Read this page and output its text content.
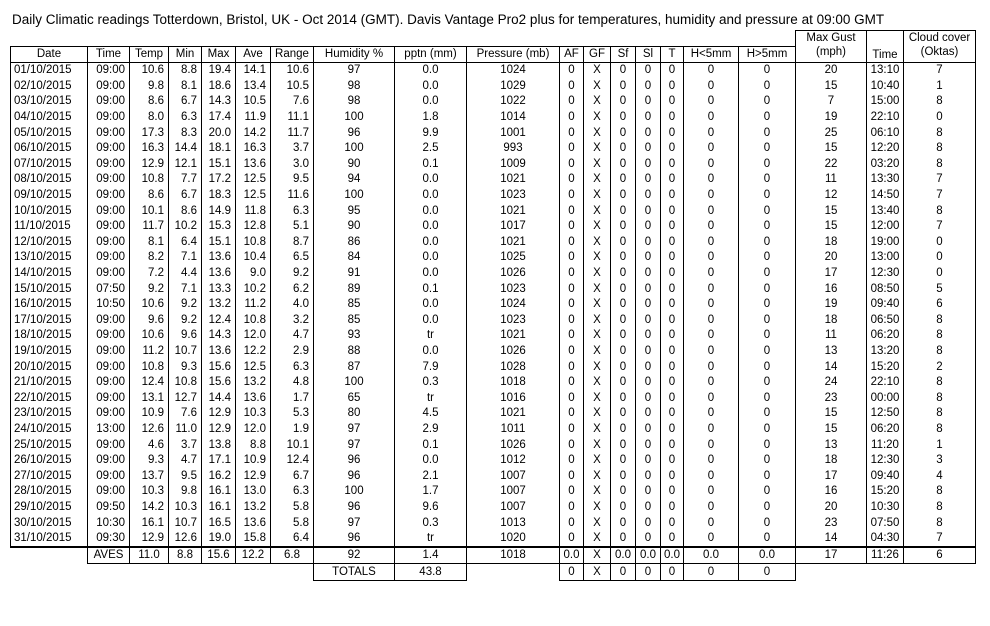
Daily Climatic readings Totterdown, Bristol, UK - Oct 2014 (GMT). Davis Vantage Pro2 plus for temperatures, humidity and pressure at 09:00 GMT
																	Max Gust (mph)	Time	Cloud cover (Oktas)
Date	Time	Temp	Min	Max	Ave	Range	Humidity %	pptn (mm)	Pressure (mb)	AF	GF	Sf	Sl	T	H<5mm	H>5mm			
01/10/2015	09:00	10.6	8.8	19.4	14.1	10.6	97	0.0	1024	0	X	0	0	0	0	0	20	13:10	7
02/10/2015	09:00	9.8	8.1	18.6	13.4	10.5	98	0.0	1029	0	X	0	0	0	0	0	15	10:40	1
03/10/2015	09:00	8.6	6.7	14.3	10.5	7.6	98	0.0	1022	0	X	0	0	0	0	0	7	15:00	8
04/10/2015	09:00	8.0	6.3	17.4	11.9	11.1	100	1.8	1014	0	X	0	0	0	0	0	19	22:10	0
05/10/2015	09:00	17.3	8.3	20.0	14.2	11.7	96	9.9	1001	0	X	0	0	0	0	0	25	06:10	8
06/10/2015	09:00	16.3	14.4	18.1	16.3	3.7	100	2.5	993	0	X	0	0	0	0	0	15	12:20	8
07/10/2015	09:00	12.9	12.1	15.1	13.6	3.0	90	0.1	1009	0	X	0	0	0	0	0	22	03:20	8
08/10/2015	09:00	10.8	7.7	17.2	12.5	9.5	94	0.0	1021	0	X	0	0	0	0	0	11	13:30	7
09/10/2015	09:00	8.6	6.7	18.3	12.5	11.6	100	0.0	1023	0	X	0	0	0	0	0	12	14:50	7
10/10/2015	09:00	10.1	8.6	14.9	11.8	6.3	95	0.0	1021	0	X	0	0	0	0	0	15	13:40	8
11/10/2015	09:00	11.7	10.2	15.3	12.8	5.1	90	0.0	1017	0	X	0	0	0	0	0	15	12:00	7
12/10/2015	09:00	8.1	6.4	15.1	10.8	8.7	86	0.0	1021	0	X	0	0	0	0	0	18	19:00	0
13/10/2015	09:00	8.2	7.1	13.6	10.4	6.5	84	0.0	1025	0	X	0	0	0	0	0	20	13:00	0
14/10/2015	09:00	7.2	4.4	13.6	9.0	9.2	91	0.0	1026	0	X	0	0	0	0	0	17	12:30	0
15/10/2015	07:50	9.2	7.1	13.3	10.2	6.2	89	0.1	1023	0	X	0	0	0	0	0	16	08:50	5
16/10/2015	10:50	10.6	9.2	13.2	11.2	4.0	85	0.0	1024	0	X	0	0	0	0	0	19	09:40	6
17/10/2015	09:00	9.6	9.2	12.4	10.8	3.2	85	0.0	1023	0	X	0	0	0	0	0	18	06:50	8
18/10/2015	09:00	10.6	9.6	14.3	12.0	4.7	93	tr	1021	0	X	0	0	0	0	0	11	06:20	8
19/10/2015	09:00	11.2	10.7	13.6	12.2	2.9	88	0.0	1026	0	X	0	0	0	0	0	13	13:20	8
20/10/2015	09:00	10.8	9.3	15.6	12.5	6.3	87	7.9	1028	0	X	0	0	0	0	0	14	15:20	2
21/10/2015	09:00	12.4	10.8	15.6	13.2	4.8	100	0.3	1018	0	X	0	0	0	0	0	24	22:10	8
22/10/2015	09:00	13.1	12.7	14.4	13.6	1.7	65	tr	1016	0	X	0	0	0	0	0	23	00:00	8
23/10/2015	09:00	10.9	7.6	12.9	10.3	5.3	80	4.5	1021	0	X	0	0	0	0	0	15	12:50	8
24/10/2015	13:00	12.6	11.0	12.9	12.0	1.9	97	2.9	1011	0	X	0	0	0	0	0	15	06:20	8
25/10/2015	09:00	4.6	3.7	13.8	8.8	10.1	97	0.1	1026	0	X	0	0	0	0	0	13	11:20	1
26/10/2015	09:00	9.3	4.7	17.1	10.9	12.4	96	0.0	1012	0	X	0	0	0	0	0	18	12:30	3
27/10/2015	09:00	13.7	9.5	16.2	12.9	6.7	96	2.1	1007	0	X	0	0	0	0	0	17	09:40	4
28/10/2015	09:00	10.3	9.8	16.1	13.0	6.3	100	1.7	1007	0	X	0	0	0	0	0	16	15:20	8
29/10/2015	09:50	14.2	10.3	16.1	13.2	5.8	96	9.6	1007	0	X	0	0	0	0	0	20	10:30	8
30/10/2015	10:30	16.1	10.7	16.5	13.6	5.8	97	0.3	1013	0	X	0	0	0	0	0	23	07:50	8
31/10/2015	09:30	12.9	12.6	19.0	15.8	6.4	96	tr	1020	0	X	0	0	0	0	0	14	04:30	7
	AVES	11.0	8.8	15.6	12.2	6.8	92	1.4	1018	0.0	X	0.0	0.0	0.0	0.0	0.0	17	11:26	6
							TOTALS	43.8		0	X	0	0	0	0	0			
